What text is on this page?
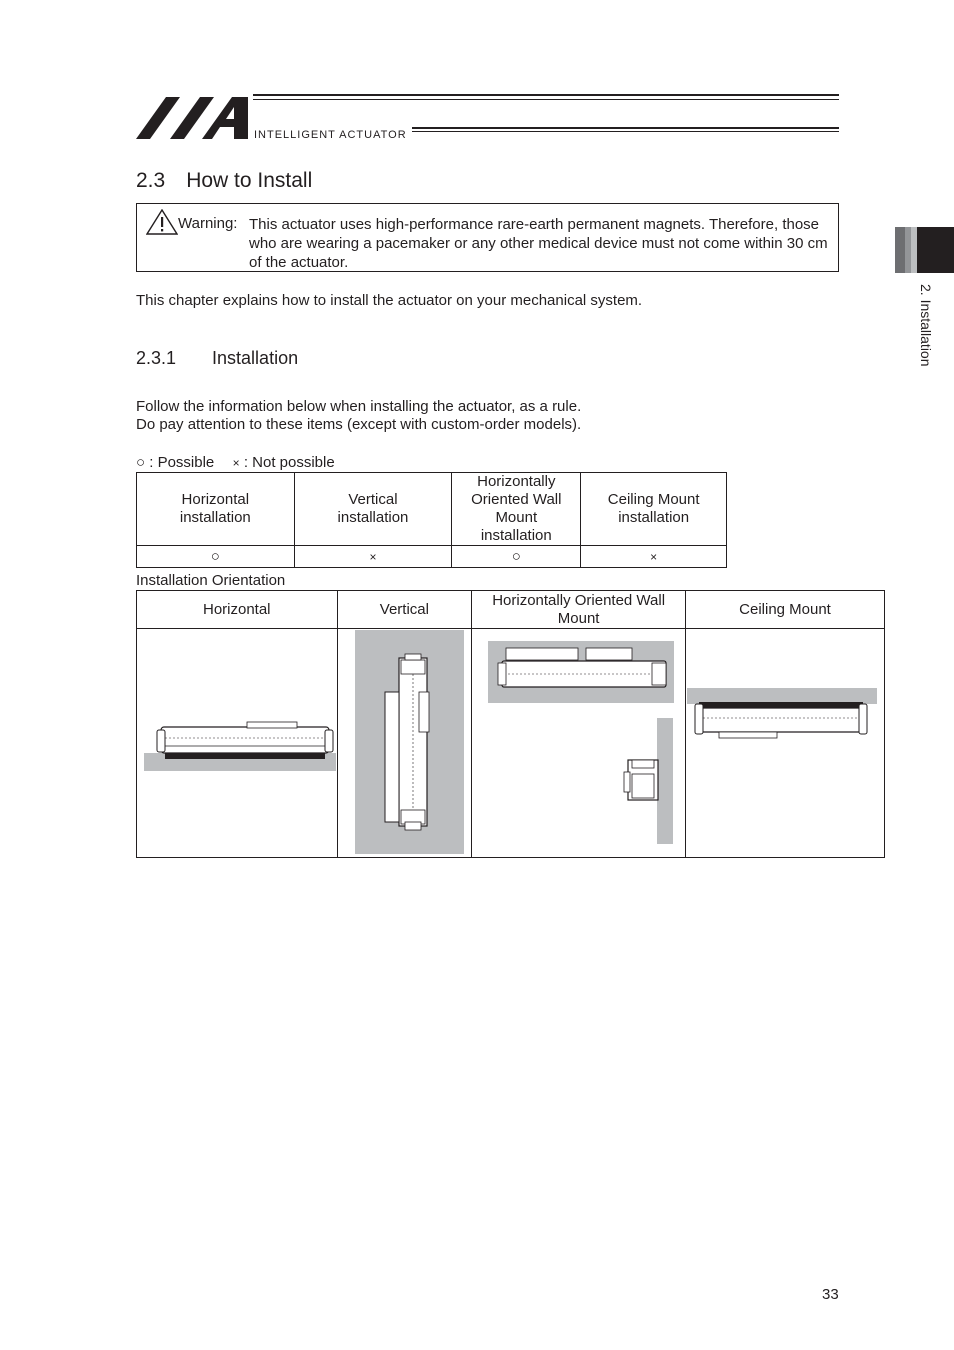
INTELLIGENT ACTUATOR
2. Installation
2.3 How to Install
Warning: This actuator uses high-performance rare-earth permanent magnets. Therefore, those who are wearing a pacemaker or any other medical device must not come within 30 cm of the actuator.
This chapter explains how to install the actuator on your mechanical system.
2.3.1  Installation
Follow the information below when installing the actuator, as a rule.
Do pay attention to these items (except with custom-order models).
○ : Possible × : Not possible
Horizontal installation	Vertical installation	Horizontally Oriented Wall Mount installation	Ceiling Mount installation
○	×	○	×
Installation Orientation
Horizontal	Vertical	Horizontally Oriented Wall Mount	Ceiling Mount

33
